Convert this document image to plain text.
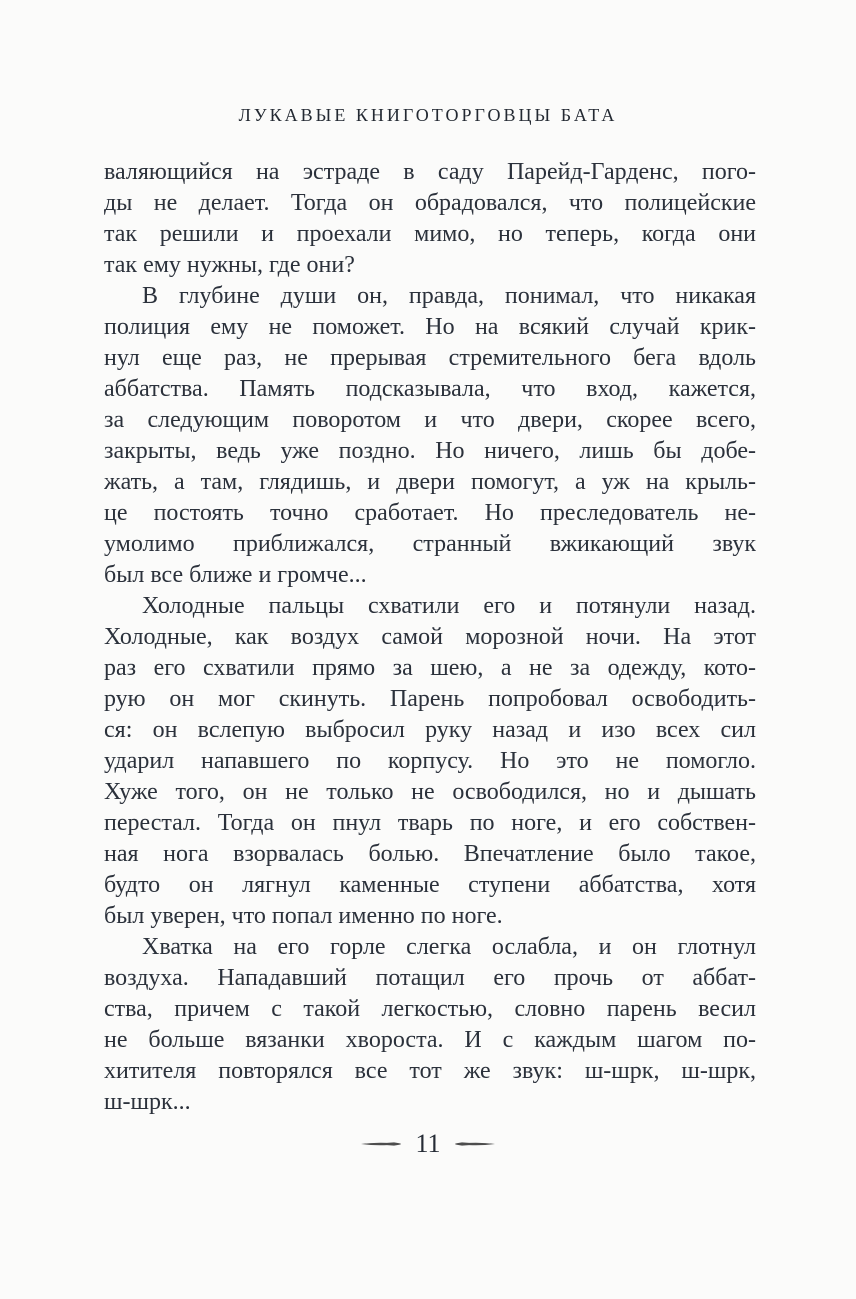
ЛУКАВЫЕ КНИГОТОРГОВЦЫ БАТА
валяющийся на эстраде в саду Парейд-Гарденс, пого-
ды не делает. Тогда он обрадовался, что полицейские
так решили и проехали мимо, но теперь, когда они
так ему нужны, где они?
В глубине души он, правда, понимал, что никакая
полиция ему не поможет. Но на всякий случай крик-
нул еще раз, не прерывая стремительного бега вдоль
аббатства. Память подсказывала, что вход, кажется,
за следующим поворотом и что двери, скорее всего,
закрыты, ведь уже поздно. Но ничего, лишь бы добе-
жать, а там, глядишь, и двери помогут, а уж на крыль-
це постоять точно сработает. Но преследователь не-
умолимо приближался, странный вжикающий звук
был все ближе и громче...
Холодные пальцы схватили его и потянули назад.
Холодные, как воздух самой морозной ночи. На этот
раз его схватили прямо за шею, а не за одежду, кото-
рую он мог скинуть. Парень попробовал освободить-
ся: он вслепую выбросил руку назад и изо всех сил
ударил напавшего по корпусу. Но это не помогло.
Хуже того, он не только не освободился, но и дышать
перестал. Тогда он пнул тварь по ноге, и его собствен-
ная нога взорвалась болью. Впечатление было такое,
будто он лягнул каменные ступени аббатства, хотя
был уверен, что попал именно по ноге.
Хватка на его горле слегка ослабла, и он глотнул
воздуха. Нападавший потащил его прочь от аббат-
ства, причем с такой легкостью, словно парень весил
не больше вязанки хвороста. И с каждым шагом по-
хитителя повторялся все тот же звук: ш-шрк, ш-шрк,
ш-шрк...
11
